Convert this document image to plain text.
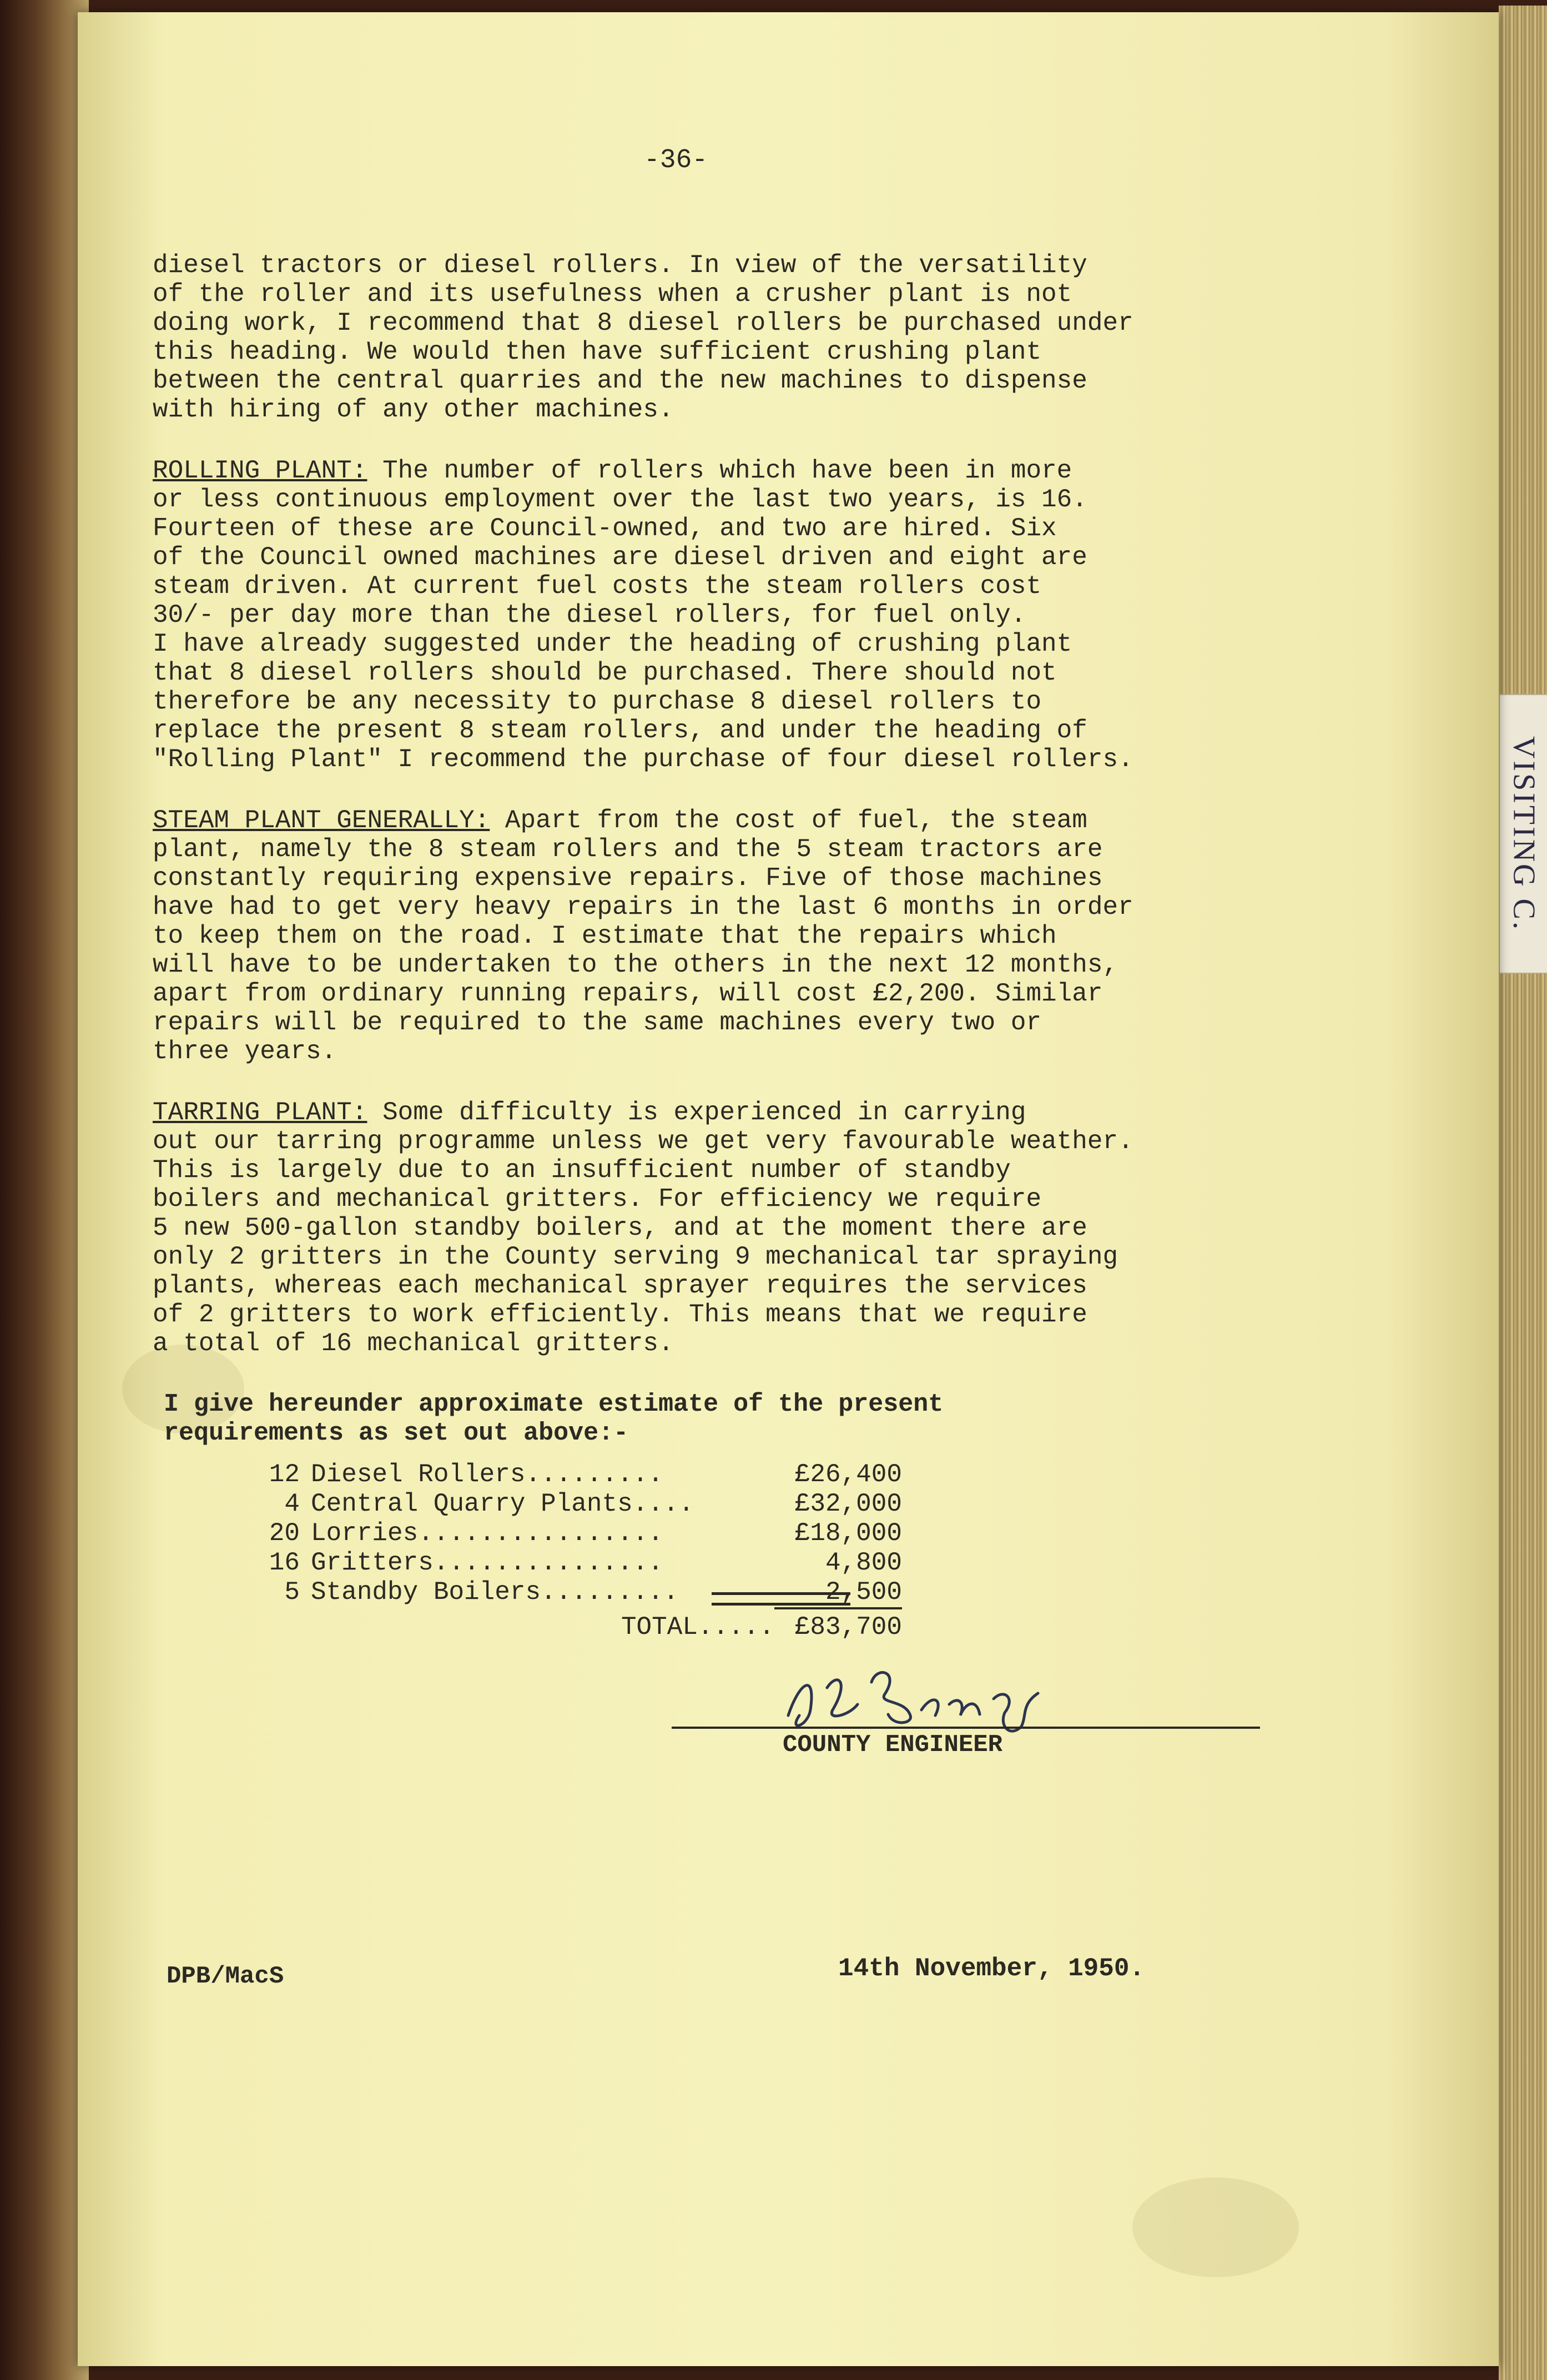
VISITING C.
-36-

diesel tractors or diesel rollers. In view of the versatility
of the roller and its usefulness when a crusher plant is not
doing work, I recommend that 8 diesel rollers be purchased under
this heading. We would then have sufficient crushing plant
between the central quarries and the new machines to dispense
with hiring of any other machines.

ROLLING PLANT: The number of rollers which have been in more
or less continuous employment over the last two years, is 16.
Fourteen of these are Council-owned, and two are hired. Six
of the Council owned machines are diesel driven and eight are
steam driven. At current fuel costs the steam rollers cost
30/- per day more than the diesel rollers, for fuel only.
I have already suggested under the heading of crushing plant
that 8 diesel rollers should be purchased. There should not
therefore be any necessity to purchase 8 diesel rollers to
replace the present 8 steam rollers, and under the heading of
"Rolling Plant" I recommend the purchase of four diesel rollers.
STEAM PLANT GENERALLY: Apart from the cost of fuel, the steam
plant, namely the 8 steam rollers and the 5 steam tractors are
constantly requiring expensive repairs. Five of those machines
have had to get very heavy repairs in the last 6 months in order
to keep them on the road. I estimate that the repairs which
will have to be undertaken to the others in the next 12 months,
apart from ordinary running repairs, will cost £2,200. Similar
repairs will be required to the same machines every two or
three years.
TARRING PLANT: Some difficulty is experienced in carrying
out our tarring programme unless we get very favourable weather.
This is largely due to an insufficient number of standby
boilers and mechanical gritters. For efficiency we require
5 new 500-gallon standby boilers, and at the moment there are
only 2 gritters in the County serving 9 mechanical tar spraying
plants, whereas each mechanical sprayer requires the services
of 2 gritters to work efficiently. This means that we require
a total of 16 mechanical gritters.
I give hereunder approximate estimate of the present
requirements as set out above:-
12 Diesel Rollers.........	£26,400
4 Central Quarry Plants....	£32,000
20 Lorries................	£18,000
16 Gritters...............	4,800
5 Standby Boilers.........	2,500
TOTAL..... £83,700
COUNTY ENGINEER
DPB/MacS	14th November, 1950.
